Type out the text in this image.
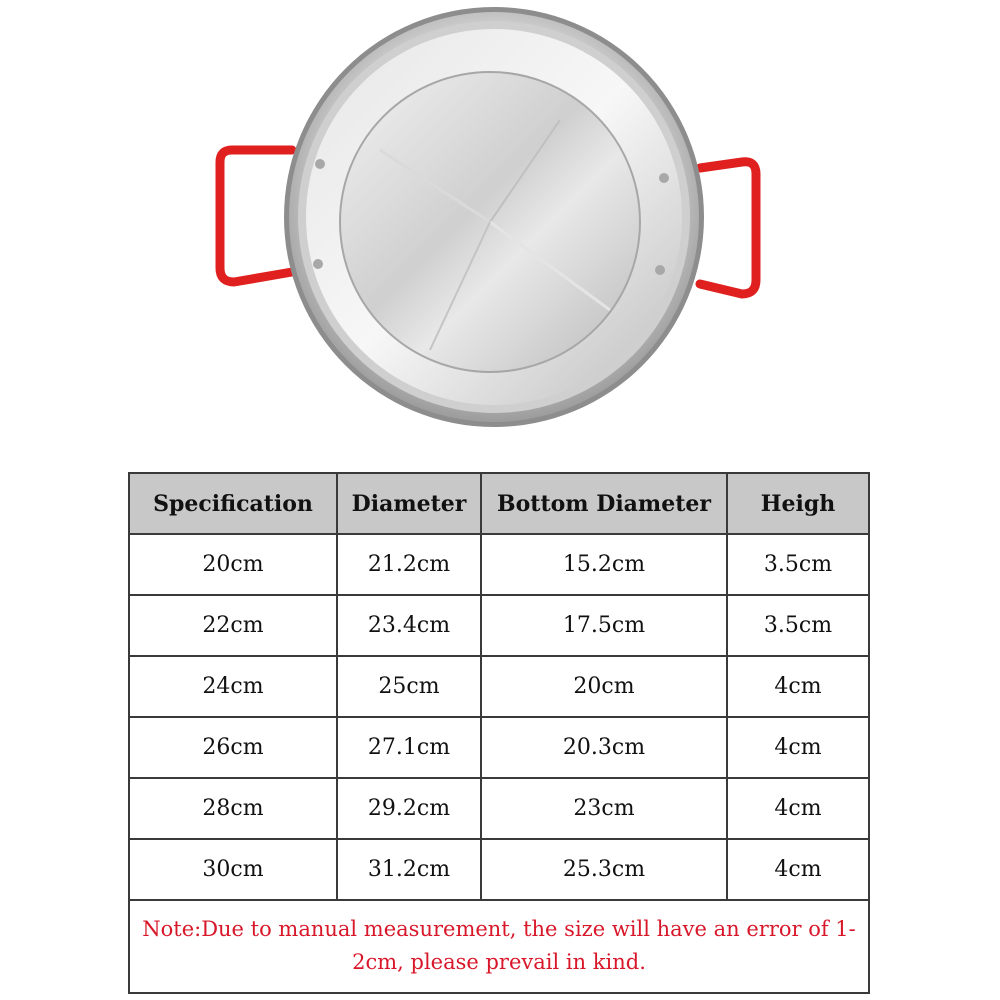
Specification	Diameter	Bottom Diameter	Heigh
20cm	21.2cm	15.2cm	3.5cm
22cm	23.4cm	17.5cm	3.5cm
24cm	25cm	20cm	4cm
26cm	27.1cm	20.3cm	4cm
28cm	29.2cm	23cm	4cm
30cm	31.2cm	25.3cm	4cm
Note:Due to manual measurement, the size will have an error of 1-2cm, please prevail in kind.			
